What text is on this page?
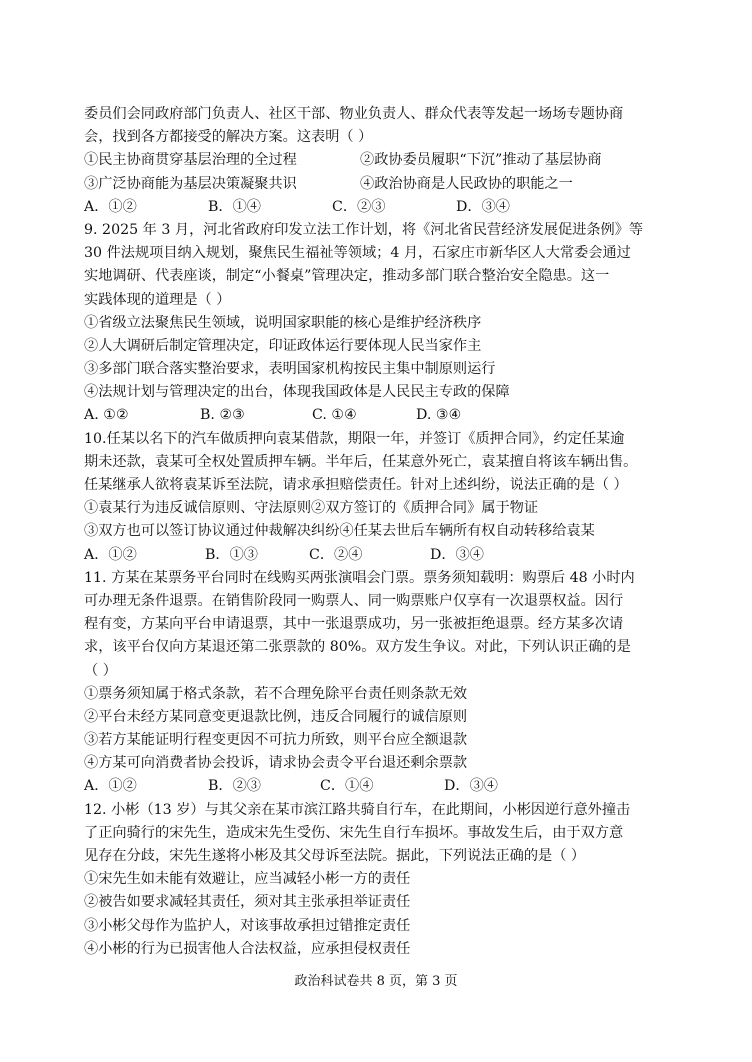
委员们会同政府部门负责人、社区干部、物业负责人、群众代表等发起一场场专题协商
会，找到各方都接受的解决方案。这表明（ ）
①民主协商贯穿基层治理的全过程	②政协委员履职“下沉”推动了基层协商
③广泛协商能为基层决策凝聚共识	④政治协商是人民政协的职能之一
A．①②	B．①④	C．②③	D．③④
9. 2025 年 3 月，河北省政府印发立法工作计划，将《河北省民营经济发展促进条例》等
30 件法规项目纳入规划，聚焦民生福祉等领域；4 月，石家庄市新华区人大常委会通过
实地调研、代表座谈，制定“小餐桌”管理决定，推动多部门联合整治安全隐患。这一
实践体现的道理是（ ）
①省级立法聚焦民生领域，说明国家职能的核心是维护经济秩序
②人大调研后制定管理决定，印证政体运行要体现人民当家作主
③多部门联合落实整治要求，表明国家机构按民主集中制原则运行
④法规计划与管理决定的出台，体现我国政体是人民民主专政的保障
A. ①②	B. ②③	C. ①④	D. ③④
10.任某以名下的汽车做质押向袁某借款，期限一年，并签订《质押合同》，约定任某逾
期未还款，袁某可全权处置质押车辆。半年后，任某意外死亡，袁某擅自将该车辆出售。
任某继承人欲将袁某诉至法院，请求承担赔偿责任。针对上述纠纷，说法正确的是（ ）
①袁某行为违反诚信原则、守法原则②双方签订的《质押合同》属于物证
③双方也可以签订协议通过仲裁解决纠纷④任某去世后车辆所有权自动转移给袁某
A．①②	B．①③	C．②④	D．③④
11. 方某在某票务平台同时在线购买两张演唱会门票。票务须知载明：购票后 48 小时内
可办理无条件退票。在销售阶段同一购票人、同一购票账户仅享有一次退票权益。因行
程有变，方某向平台申请退票，其中一张退票成功，另一张被拒绝退票。经方某多次请
求，该平台仅向方某退还第二张票款的 80%。双方发生争议。对此，下列认识正确的是
（ ）
①票务须知属于格式条款，若不合理免除平台责任则条款无效
②平台未经方某同意变更退款比例，违反合同履行的诚信原则
③若方某能证明行程变更因不可抗力所致，则平台应全额退款
④方某可向消费者协会投诉，请求协会责令平台退还剩余票款
A．①②	B．②③	C．①④	D．③④
12. 小彬（13 岁）与其父亲在某市滨江路共骑自行车，在此期间，小彬因逆行意外撞击
了正向骑行的宋先生，造成宋先生受伤、宋先生自行车损坏。事故发生后，由于双方意
见存在分歧，宋先生遂将小彬及其父母诉至法院。据此，下列说法正确的是（ ）
①宋先生如未能有效避让，应当减轻小彬一方的责任
②被告如要求减轻其责任，须对其主张承担举证责任
③小彬父母作为监护人，对该事故承担过错推定责任
④小彬的行为已损害他人合法权益，应承担侵权责任
政治科试卷共 8 页，第 3 页
